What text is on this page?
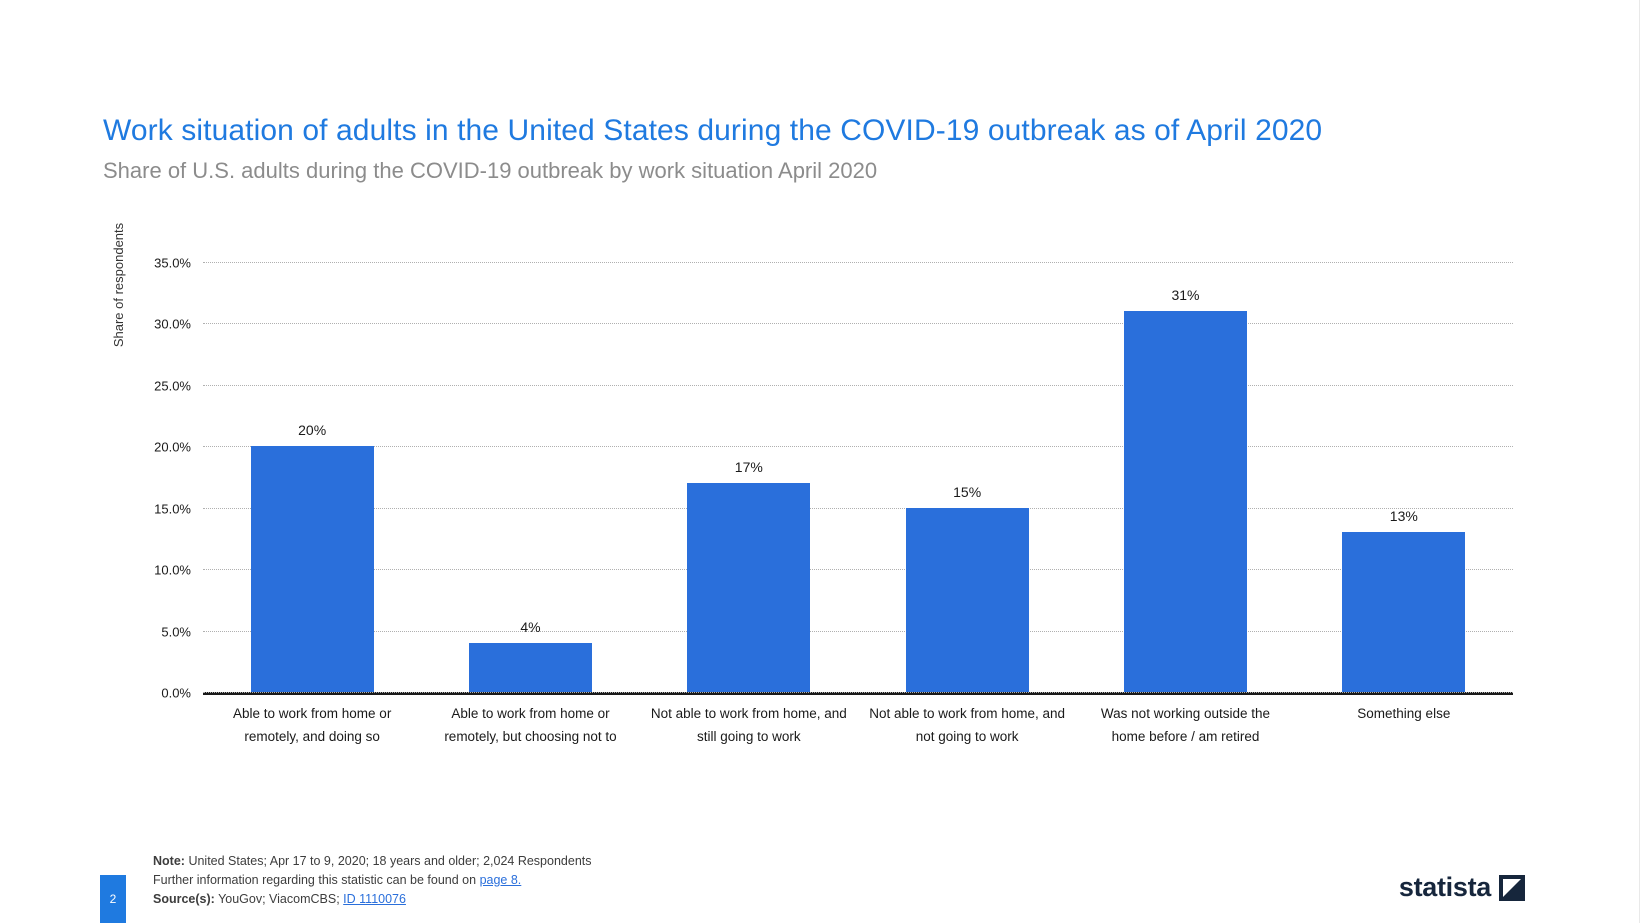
Work situation of adults in the United States during the COVID-19 outbreak as of April 2020
Share of U.S. adults during the COVID-19 outbreak by work situation April 2020
Share of respondents 35.0%
30.0%
25.0%
20.0%
15.0%
10.0%
5.0%
0.0%
20%
4%
17%
15%
31%
13%
Able to work from home or remotely, and doing so
Able to work from home or remotely, but choosing not to
Not able to work from home, and still going to work
Not able to work from home, and not going to work
Was not working outside the home before / am retired
Something else
Note: United States; Apr 17 to 9, 2020; 18 years and older; 2,024 Respondents
Further information regarding this statistic can be found on page 8.
Source(s): YouGov; ViacomCBS; ID 1110076
2	statista
